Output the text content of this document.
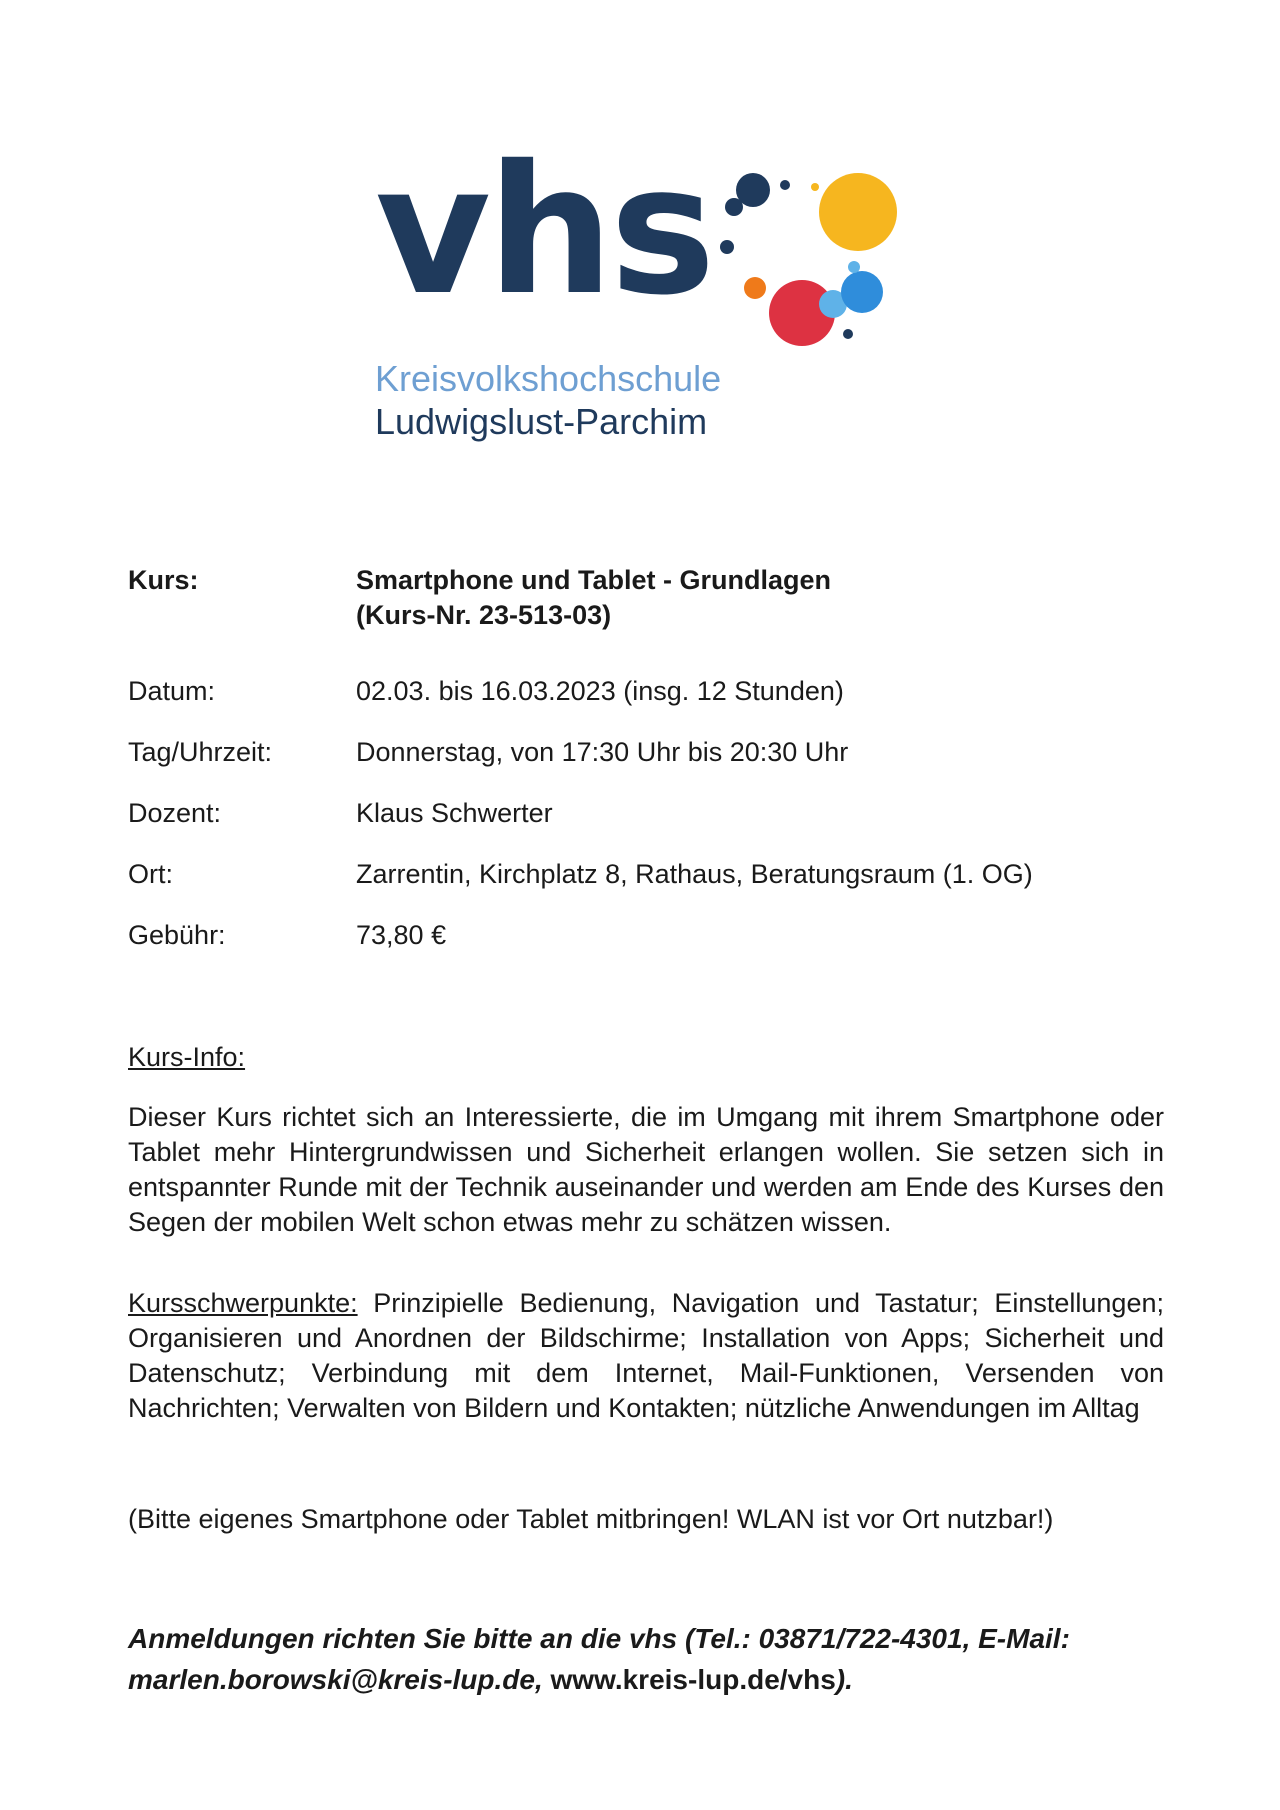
vhs
Kreisvolkshochschule
Ludwigslust-Parchim
Kurs:	Smartphone und Tablet - Grundlagen
(Kurs-Nr. 23-513-03)
Datum:	02.03. bis 16.03.2023 (insg. 12 Stunden)
Tag/Uhrzeit:	Donnerstag, von 17:30 Uhr bis 20:30 Uhr
Dozent:	Klaus Schwerter
Ort:	Zarrentin, Kirchplatz 8, Rathaus, Beratungsraum (1. OG)
Gebühr:	73,80 €
Kurs-Info:

Dieser Kurs richtet sich an Interessierte, die im Umgang mit ihrem Smartphone oder Tablet mehr Hintergrundwissen und Sicherheit erlangen wollen. Sie setzen sich in entspannter Runde mit der Technik auseinander und werden am Ende des Kurses den Segen der mobilen Welt schon etwas mehr zu schätzen wissen.

Kursschwerpunkte: Prinzipielle Bedienung, Navigation und Tastatur; Einstellungen; Organisieren und Anordnen der Bildschirme; Installation von Apps; Sicherheit und Datenschutz; Verbindung mit dem Internet, Mail-Funktionen, Versenden von Nachrichten; Verwalten von Bildern und Kontakten; nützliche Anwendungen im Alltag

(Bitte eigenes Smartphone oder Tablet mitbringen! WLAN ist vor Ort nutzbar!)
Anmeldungen richten Sie bitte an die vhs (Tel.: 03871/722-4301, E-Mail:
marlen.borowski@kreis-lup.de, www.kreis-lup.de/vhs).
